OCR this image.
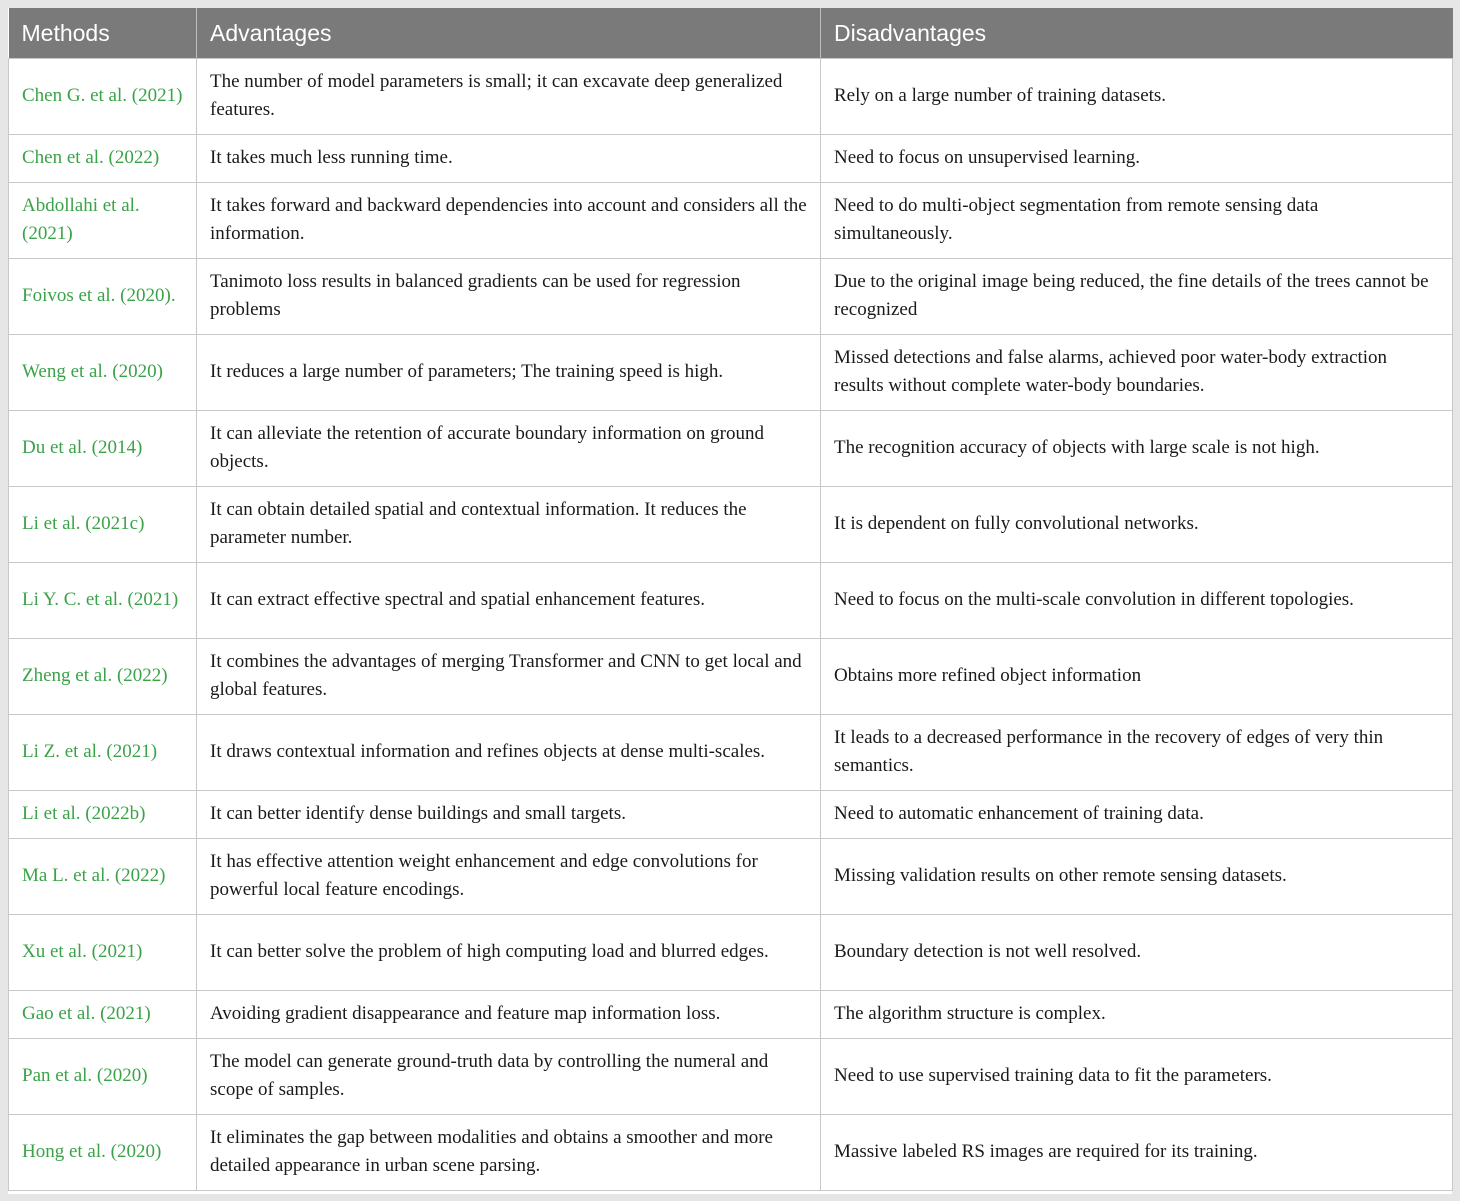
Methods	Advantages	Disadvantages
Chen G. et al. (2021)	The number of model parameters is small; it can excavate deep generalized features.	Rely on a large number of training datasets.
Chen et al. (2022)	It takes much less running time.	Need to focus on unsupervised learning.
Abdollahi et al. (2021)	It takes forward and backward dependencies into account and considers all the information.	Need to do multi-object segmentation from remote sensing data simultaneously.
Foivos et al. (2020).	Tanimoto loss results in balanced gradients can be used for regression problems	Due to the original image being reduced, the fine details of the trees cannot be recognized
Weng et al. (2020)	It reduces a large number of parameters; The training speed is high.	Missed detections and false alarms, achieved poor water-body extraction results without complete water-body boundaries.
Du et al. (2014)	It can alleviate the retention of accurate boundary information on ground objects.	The recognition accuracy of objects with large scale is not high.
Li et al. (2021c)	It can obtain detailed spatial and contextual information. It reduces the parameter number.	It is dependent on fully convolutional networks.
Li Y. C. et al. (2021)	It can extract effective spectral and spatial enhancement features.	Need to focus on the multi-scale convolution in different topologies.
Zheng et al. (2022)	It combines the advantages of merging Transformer and CNN to get local and global features.	Obtains more refined object information
Li Z. et al. (2021)	It draws contextual information and refines objects at dense multi-scales.	It leads to a decreased performance in the recovery of edges of very thin semantics.
Li et al. (2022b)	It can better identify dense buildings and small targets.	Need to automatic enhancement of training data.
Ma L. et al. (2022)	It has effective attention weight enhancement and edge convolutions for powerful local feature encodings.	Missing validation results on other remote sensing datasets.
Xu et al. (2021)	It can better solve the problem of high computing load and blurred edges.	Boundary detection is not well resolved.
Gao et al. (2021)	Avoiding gradient disappearance and feature map information loss.	The algorithm structure is complex.
Pan et al. (2020)	The model can generate ground-truth data by controlling the numeral and scope of samples.	Need to use supervised training data to fit the parameters.
Hong et al. (2020)	It eliminates the gap between modalities and obtains a smoother and more detailed appearance in urban scene parsing.	Massive labeled RS images are required for its training.
